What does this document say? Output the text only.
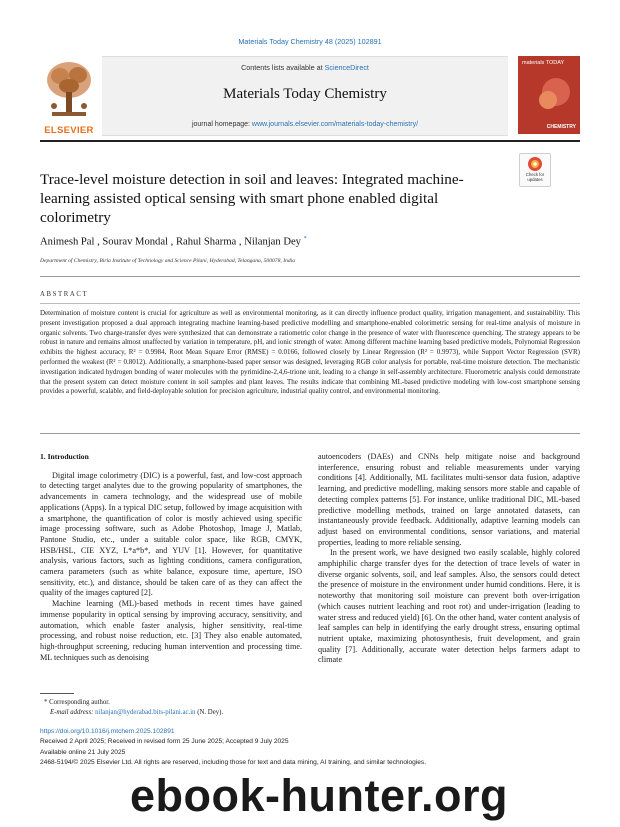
Materials Today Chemistry 48 (2025) 102891
ELSEVIER
Contents lists available at ScienceDirect
Materials Today Chemistry
journal homepage: www.journals.elsevier.com/materials-today-chemistry/
materials TODAY
CHEMISTRY
Trace-level moisture detection in soil and leaves: Integrated machine-learning assisted optical sensing with smart phone enabled digital colorimetry
Check for updates
Animesh Pal , Sourav Mondal , Rahul Sharma , Nilanjan Dey *
Department of Chemistry, Birla Institute of Technology and Science Pilani, Hyderabad, Telangana, 500078, India
ABSTRACT
Determination of moisture content is crucial for agriculture as well as environmental monitoring, as it can directly influence product quality, irrigation management, and sustainability. This present investigation proposed a dual approach integrating machine learning-based predictive modelling and smartphone-enabled colorimetric sensing for real-time analysis of moisture in organic solvents. Two charge-transfer dyes were synthesized that can demonstrate a ratiometric color change in the presence of water with fluorescence quenching. The strategy appears to be robust in nature and remains almost unaffected by variation in temperature, pH, and ionic strength of water. Among different machine learning based predictive models, Polynomial Regression exhibits the highest accuracy, R² = 0.9984, Root Mean Square Error (RMSE) = 0.0166, followed closely by Linear Regression (R² = 0.9973), while Support Vector Regression (SVR) performed the weakest (R² = 0.8012). Additionally, a smartphone-based paper sensor was designed, leveraging RGB color analysis for portable, real-time moisture detection. The mechanistic investigation indicated hydrogen bonding of water molecules with the pyrimidine-2,4,6-trione unit, leading to a change in self-assembly architecture. Fluorometric analysis could demonstrate that the present system can detect moisture content in soil samples and plant leaves. The results indicate that combining ML-based predictive modeling with low-cost smartphone sensing provides a powerful, scalable, and field-deployable solution for precision agriculture, industrial quality control, and environmental monitoring.
1. Introduction

Digital image colorimetry (DIC) is a powerful, fast, and low-cost approach to detecting target analytes due to the growing popularity of smartphones, the advancements in camera technology, and the widespread use of mobile applications (Apps). In a typical DIC setup, followed by image acquisition with a smartphone, the quantification of color is mostly achieved using specific image processing software, such as Adobe Photoshop, Image J, Matlab, Pantone Studio, etc., under a suitable color space, like RGB, CMYK, HSB/HSL, CIE XYZ, L*a*b*, and YUV [1]. However, for quantitative analysis, various factors, such as lighting conditions, camera configuration, camera parameters (such as white balance, exposure time, aperture, ISO sensitivity, etc.), and distance, should be taken care of as they can affect the quality of the images captured [2].

Machine learning (ML)-based methods in recent times have gained immense popularity in optical sensing by improving accuracy, sensitivity, and automation, which enable faster analysis, higher sensitivity, real-time processing, and robust noise reduction, etc. [3] They also enable automated, high-throughput screening, reducing human intervention and processing time. ML techniques such as denoising

autoencoders (DAEs) and CNNs help mitigate noise and background interference, ensuring robust and reliable measurements under varying conditions [4]. Additionally, ML facilitates multi-sensor data fusion, adaptive learning, and predictive modelling, making sensors more stable and capable of detecting complex patterns [5]. For instance, unlike traditional DIC, ML-based predictive modelling methods, trained on large annotated datasets, can instantaneously provide feedback. Additionally, adaptive learning models can adjust based on environmental conditions, sensor variations, and material properties, leading to more reliable sensing.

In the present work, we have designed two easily scalable, highly colored amphiphilic charge transfer dyes for the detection of trace levels of water in diverse organic solvents, soil, and leaf samples. Also, the sensors could detect the presence of moisture in the environment under humid conditions. Here, it is noteworthy that monitoring soil moisture can prevent both over-irrigation (which causes nutrient leaching and root rot) and under-irrigation (leading to water stress and reduced yield) [6]. On the other hand, water content analysis of leaf samples can help in identifying the early drought stress, ensuring optimal nutrient uptake, maximizing photosynthesis, fruit development, and grain quality [7]. Additionally, accurate water detection helps farmers adapt to climate

* Corresponding author.
E-mail address: nilanjan@hyderabad.bits-pilani.ac.in (N. Dey).
https://doi.org/10.1016/j.mtchem.2025.102891
Received 2 April 2025; Received in revised form 25 June 2025; Accepted 9 July 2025
Available online 21 July 2025
2468-5194/© 2025 Elsevier Ltd. All rights are reserved, including those for text and data mining, AI training, and similar technologies.
ebook-hunter.org
